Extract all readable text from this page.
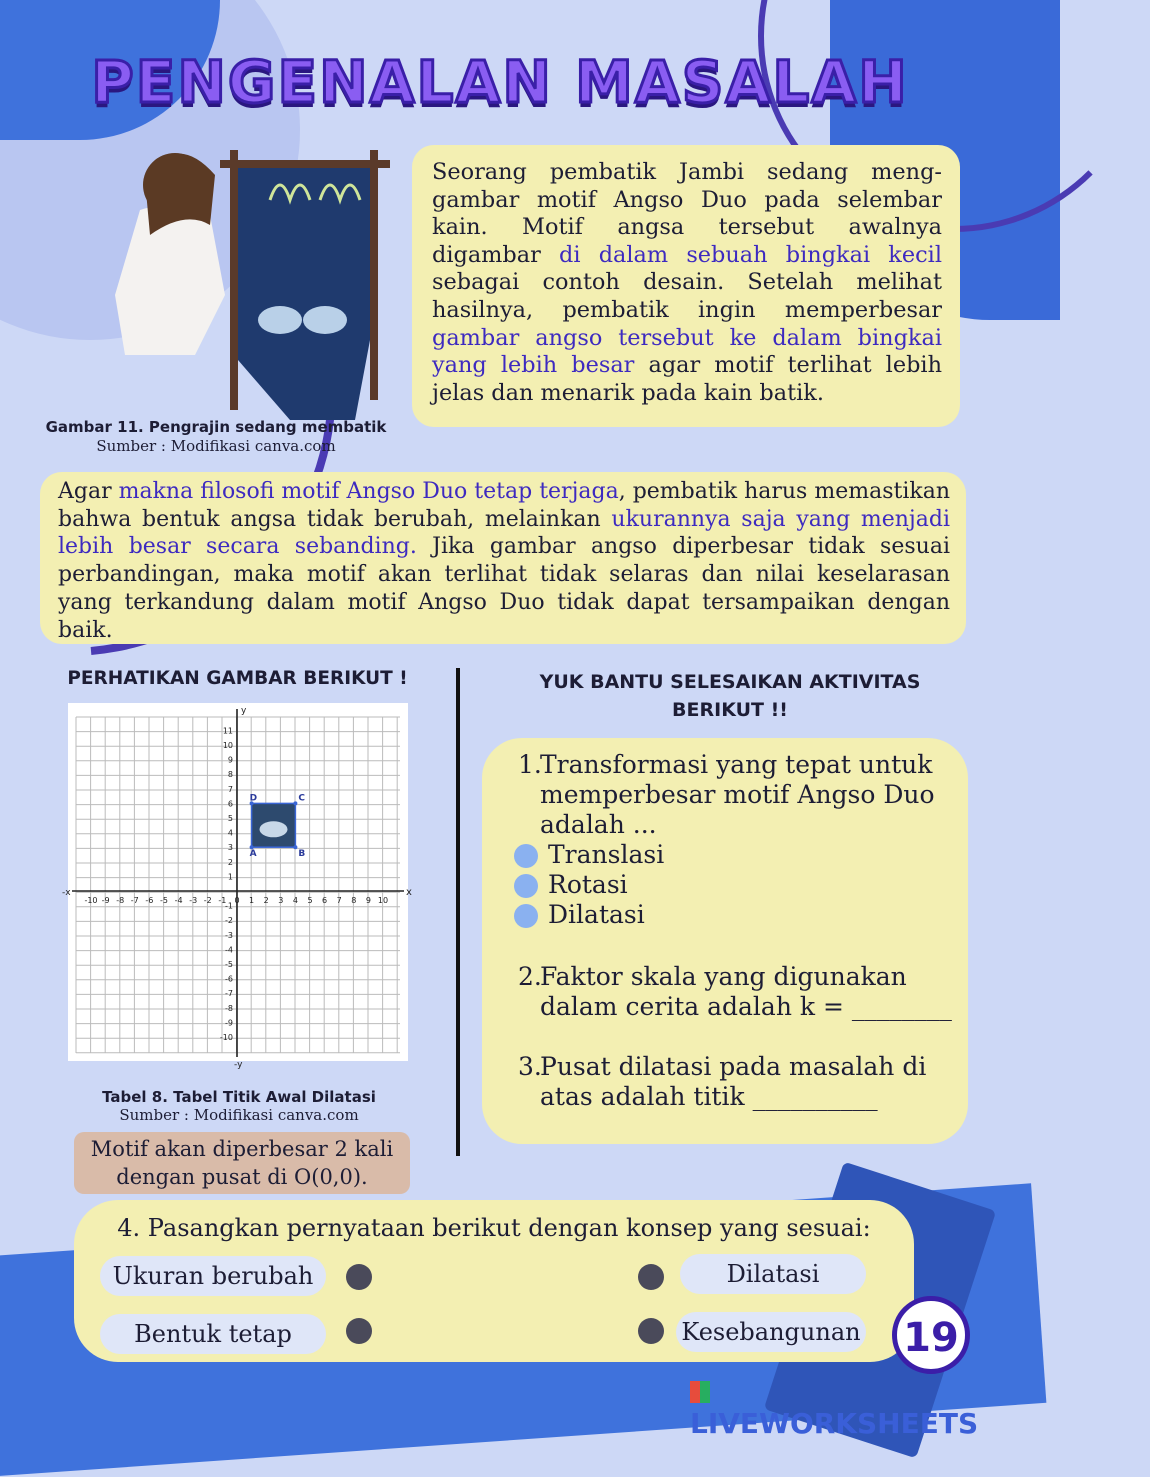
PENGENALAN MASALAH
Gambar 11. Pengrajin sedang membatik
Sumber : Modifikasi canva.com
Seorang pembatik Jambi sedang menggambar motif Angso Duo pada selembar kain. Motif angsa tersebut awalnya digambar di dalam sebuah bingkai kecil sebagai contoh desain. Setelah melihat hasilnya, pembatik ingin memperbesar gambar angso tersebut ke dalam bingkai yang lebih besar agar motif terlihat lebih jelas dan menarik pada kain batik.
Agar makna filosofi motif Angso Duo tetap terjaga, pembatik harus memastikan bahwa bentuk angsa tidak berubah, melainkan ukurannya saja yang menjadi lebih besar secara sebanding. Jika gambar angso diperbesar tidak sesuai perbandingan, maka motif akan terlihat tidak selaras dan nilai keselarasan yang terkandung dalam motif Angso Duo tidak dapat tersampaikan dengan baik.
PERHATIKAN GAMBAR BERIKUT !	YUK BANTU SELESAIKAN AKTIVITAS BERIKUT !!
-10 -9 -8 -7 -6 -5 -4 -3 -2 -1 0 1 2 3 4 5 6 7 8 9 10
11
10
9
8
7
6
5
4
3
2
1
-1
-2
-3
-4
-5
-6
-7
-8
-9
-10
x
-x
y
-y
A	B
C
D
Tabel 8. Tabel Titik Awal Dilatasi
Sumber : Modifikasi canva.com
Motif akan diperbesar 2 kali dengan pusat di O(0,0).
1.
Transformasi yang tepat untuk
memperbesar motif Angso Duo
adalah ...
Translasi
Rotasi
Dilatasi
2.
Faktor skala yang digunakan
dalam cerita adalah k = ________
3.
Pusat dilatasi pada masalah di
atas adalah titik __________
4. Pasangkan pernyataan berikut dengan konsep yang sesuai:
Ukuran berubah
Bentuk tetap
Dilatasi
Kesebangunan 19
LIVEWORKSHEETS
